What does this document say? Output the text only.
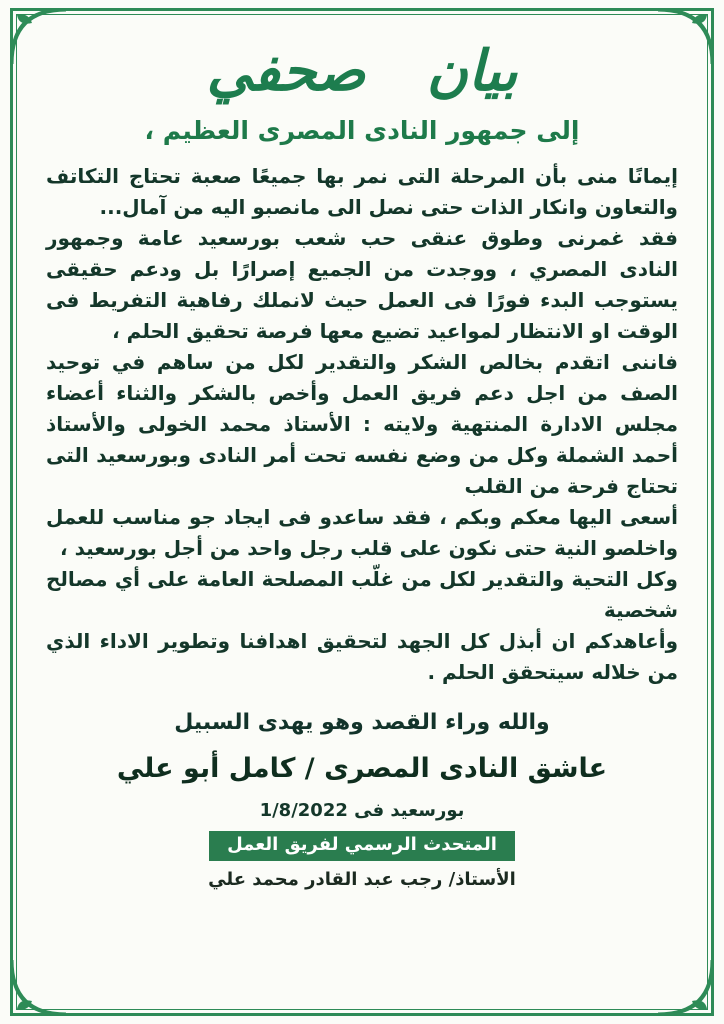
بيان صحفي
إلى جمهور النادى المصرى العظيم ،

إيمانًا منى بأن المرحلة التى نمر بها جميعًا صعبة تحتاج التكاتف والتعاون وانكار الذات حتى نصل الى مانصبو اليه من آمال...

فقد غمرنى وطوق عنقى حب شعب بورسعيد عامة وجمهور النادى المصري ، ووجدت من الجميع إصرارًا بل ودعم حقيقى يستوجب البدء فورًا فى العمل حيث لانملك رفاهية التفريط فى الوقت او الانتظار لمواعيد تضيع معها فرصة تحقيق الحلم ،

فاننى اتقدم بخالص الشكر والتقدير لكل من ساهم في توحيد الصف من اجل دعم فريق العمل وأخص بالشكر والثناء أعضاء مجلس الادارة المنتهية ولايته : الأستاذ محمد الخولى والأستاذ أحمد الشملة وكل من وضع نفسه تحت أمر النادى وبورسعيد التى تحتاج فرحة من القلب

أسعى اليها معكم وبكم ، فقد ساعدو فى ايجاد جو مناسب للعمل واخلصو النية حتى نكون على قلب رجل واحد من أجل بورسعيد ،

وكل التحية والتقدير لكل من غلّب المصلحة العامة على أي مصالح شخصية

وأعاهدكم ان أبذل كل الجهد لتحقيق اهدافنا وتطوير الاداء الذي من خلاله سيتحقق الحلم .

والله وراء القصد وهو يهدى السبيل
عاشق النادى المصرى / كامل أبو علي
بورسعيد فى 1/8/2022
المتحدث الرسمي لفريق العمل
الأستاذ/ رجب عبد القادر محمد علي
